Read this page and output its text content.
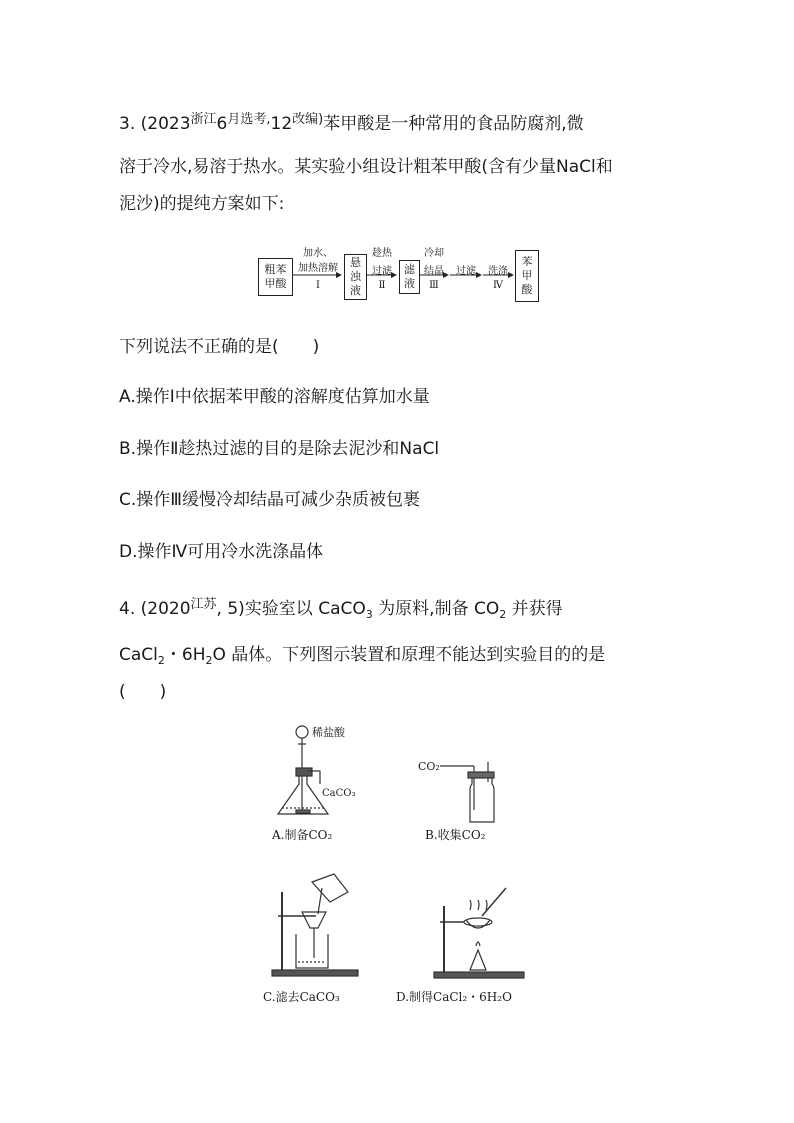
3. ($2023^{浙江}6^{月选考,}12^{改编)}$苯甲酸是一种常用的食品防腐剂,微
溶于冷水,易溶于热水。某实验小组设计粗苯甲酸(含有少量NaCl和
泥沙)的提纯方案如下:
粗苯
甲酸
加水、
加热溶解
Ⅰ
悬
浊
液
趁热
过滤
Ⅱ
滤
液
冷却
结晶
Ⅲ
过滤	洗涤
Ⅳ
苯
甲
酸
下列说法不正确的是(　　)
A.操作Ⅰ中依据苯甲酸的溶解度估算加水量
B.操作Ⅱ趁热过滤的目的是除去泥沙和NaCl
C.操作Ⅲ缓慢冷却结晶可减少杂质被包裹
D.操作Ⅳ可用冷水洗涤晶体
4. ($2020^{江苏}$, 5)实验室以 CaCO$_3$ 为原料,制备 $CO_2$ 并获得
CaCl$_2$・$6H_2O$ 晶体。下列图示装置和原理不能达到实验目的的是
(　　)
稀盐酸
CaCO₃
A.制备CO₂
CO₂
B.收集CO₂
C.滤去CaCO₃	D.制得CaCl₂・6H₂O
